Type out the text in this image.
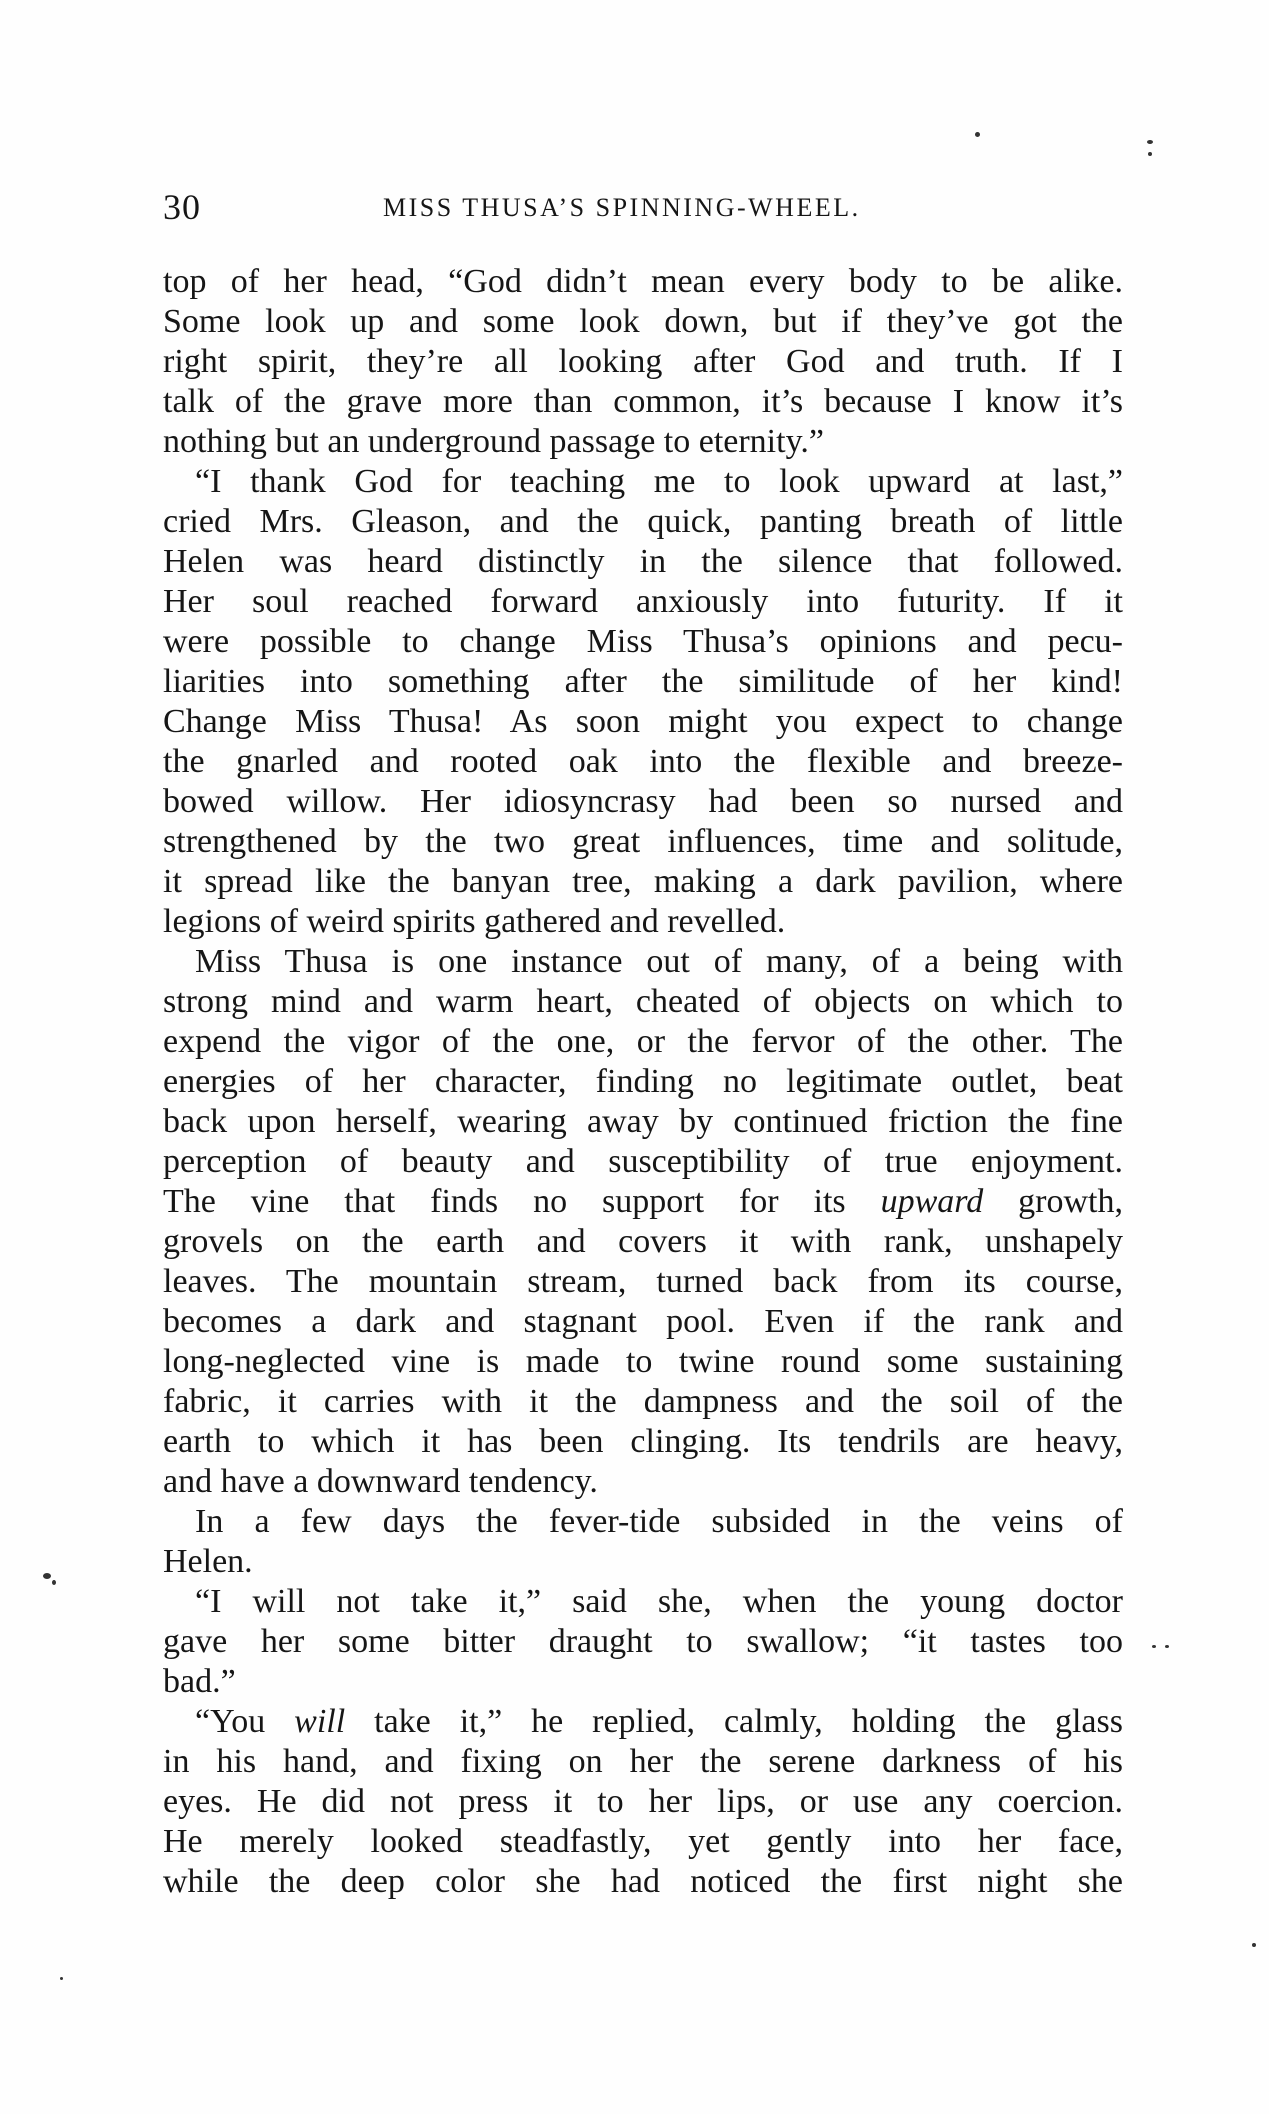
30	MISS THUSA’S SPINNING-WHEEL.
top of her head, “God didn’t mean every body to be alike.
Some look up and some look down, but if they’ve got the
right spirit, they’re all looking after God and truth. If I
talk of the grave more than common, it’s because I know it’s
nothing but an underground passage to eternity.”
“I thank God for teaching me to look upward at last,”
cried Mrs. Gleason, and the quick, panting breath of little
Helen was heard distinctly in the silence that followed.
Her soul reached forward anxiously into futurity. If it
were possible to change Miss Thusa’s opinions and pecu-
liarities into something after the similitude of her kind!
Change Miss Thusa! As soon might you expect to change
the gnarled and rooted oak into the flexible and breeze-
bowed willow. Her idiosyncrasy had been so nursed and
strengthened by the two great influences, time and solitude,
it spread like the banyan tree, making a dark pavilion, where
legions of weird spirits gathered and revelled.
Miss Thusa is one instance out of many, of a being with
strong mind and warm heart, cheated of objects on which to
expend the vigor of the one, or the fervor of the other. The
energies of her character, finding no legitimate outlet, beat
back upon herself, wearing away by continued friction the fine
perception of beauty and susceptibility of true enjoyment.
The vine that finds no support for its upward growth,
grovels on the earth and covers it with rank, unshapely
leaves. The mountain stream, turned back from its course,
becomes a dark and stagnant pool. Even if the rank and
long-neglected vine is made to twine round some sustaining
fabric, it carries with it the dampness and the soil of the
earth to which it has been clinging. Its tendrils are heavy,
and have a downward tendency.
In a few days the fever-tide subsided in the veins of
Helen.
“I will not take it,” said she, when the young doctor
gave her some bitter draught to swallow; “it tastes too
bad.”
“You will take it,” he replied, calmly, holding the glass
in his hand, and fixing on her the serene darkness of his
eyes. He did not press it to her lips, or use any coercion.
He merely looked steadfastly, yet gently into her face,
while the deep color she had noticed the first night she
